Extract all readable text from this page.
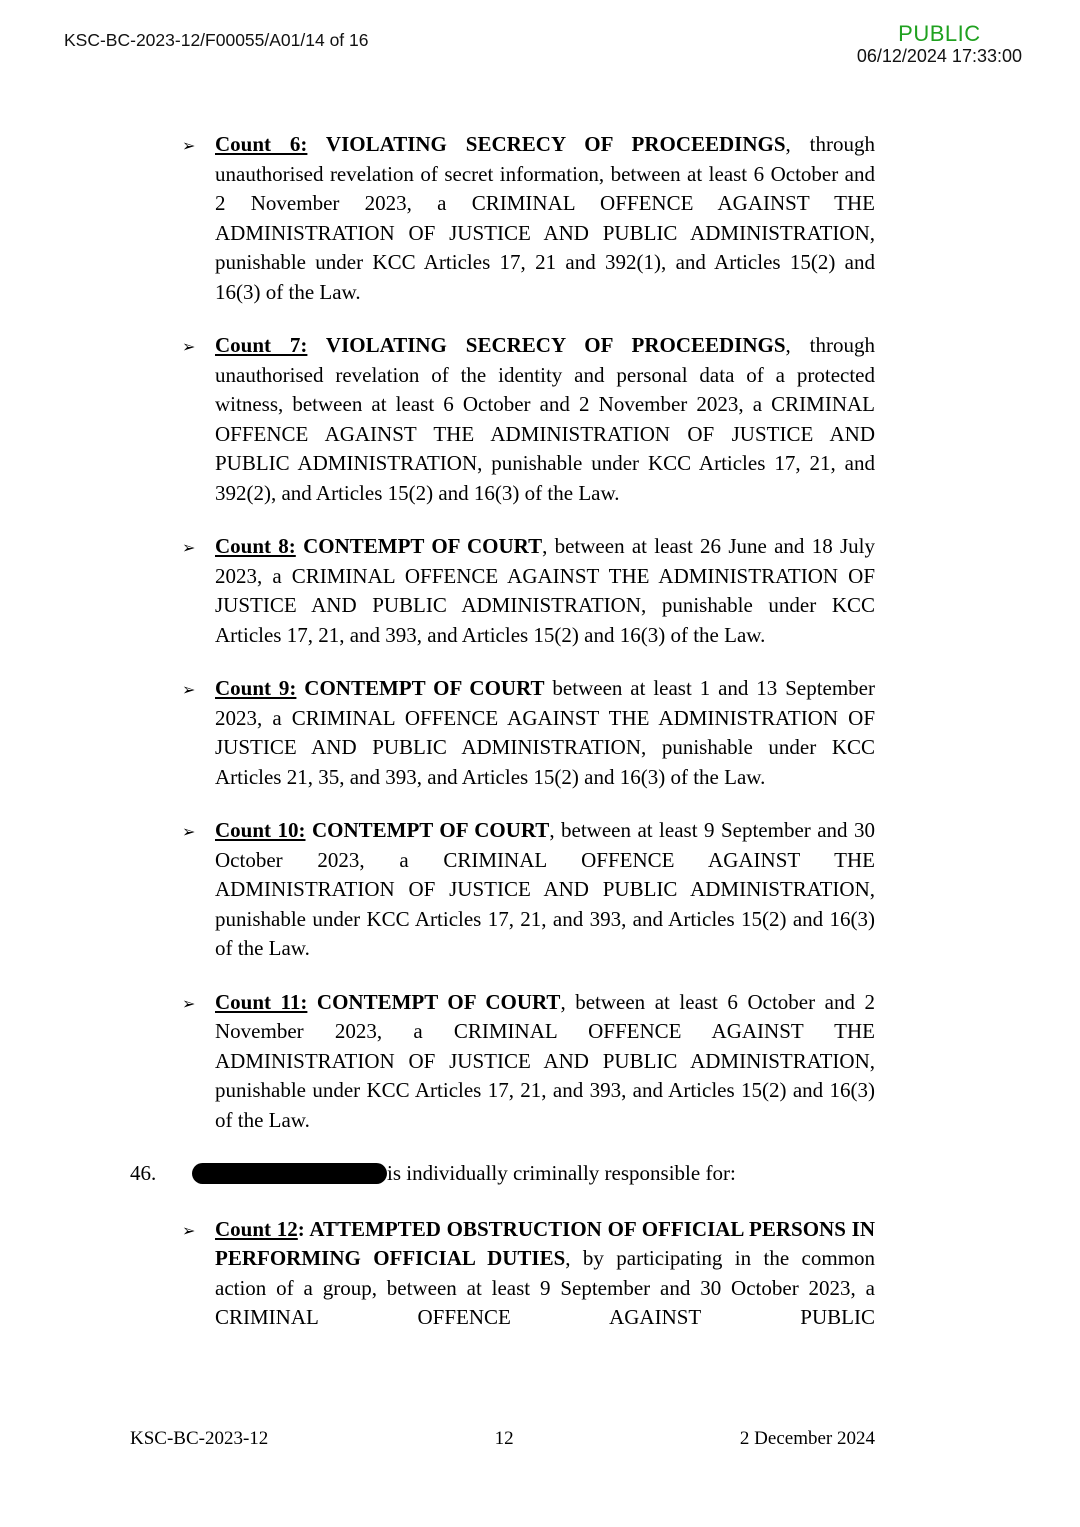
KSC-BC-2023-12/F00055/A01/14 of 16	PUBLIC
06/12/2024 17:33:00
➢ Count 6: VIOLATING SECRECY OF PROCEEDINGS, through unauthorised revelation of secret information, between at least 6 October and 2 November 2023, a CRIMINAL OFFENCE AGAINST THE ADMINISTRATION OF JUSTICE AND PUBLIC ADMINISTRATION, punishable under KCC Articles 17, 21 and 392(1), and Articles 15(2) and 16(3) of the Law.

➢ Count 7: VIOLATING SECRECY OF PROCEEDINGS, through unauthorised revelation of the identity and personal data of a protected witness, between at least 6 October and 2 November 2023, a CRIMINAL OFFENCE AGAINST THE ADMINISTRATION OF JUSTICE AND PUBLIC ADMINISTRATION, punishable under KCC Articles 17, 21, and 392(2), and Articles 15(2) and 16(3) of the Law.

➢ Count 8: CONTEMPT OF COURT, between at least 26 June and 18 July 2023, a CRIMINAL OFFENCE AGAINST THE ADMINISTRATION OF JUSTICE AND PUBLIC ADMINISTRATION, punishable under KCC Articles 17, 21, and 393, and Articles 15(2) and 16(3) of the Law.

➢ Count 9: CONTEMPT OF COURT between at least 1 and 13 September 2023, a CRIMINAL OFFENCE AGAINST THE ADMINISTRATION OF JUSTICE AND PUBLIC ADMINISTRATION, punishable under KCC Articles 21, 35, and 393, and Articles 15(2) and 16(3) of the Law.

➢ Count 10: CONTEMPT OF COURT, between at least 9 September and 30 October 2023, a CRIMINAL OFFENCE AGAINST THE ADMINISTRATION OF JUSTICE AND PUBLIC ADMINISTRATION, punishable under KCC Articles 17, 21, and 393, and Articles 15(2) and 16(3) of the Law.

➢ Count 11: CONTEMPT OF COURT, between at least 6 October and 2 November 2023, a CRIMINAL OFFENCE AGAINST THE ADMINISTRATION OF JUSTICE AND PUBLIC ADMINISTRATION, punishable under KCC Articles 17, 21, and 393, and Articles 15(2) and 16(3) of the Law.

46.	is individually criminally responsible for:
➢ Count 12: ATTEMPTED OBSTRUCTION OF OFFICIAL PERSONS IN PERFORMING OFFICIAL DUTIES, by participating in the common action of a group, between at least 9 September and 30 October 2023, a CRIMINAL OFFENCE AGAINST PUBLIC

KSC-BC-2023-12	12	2 December 2024
